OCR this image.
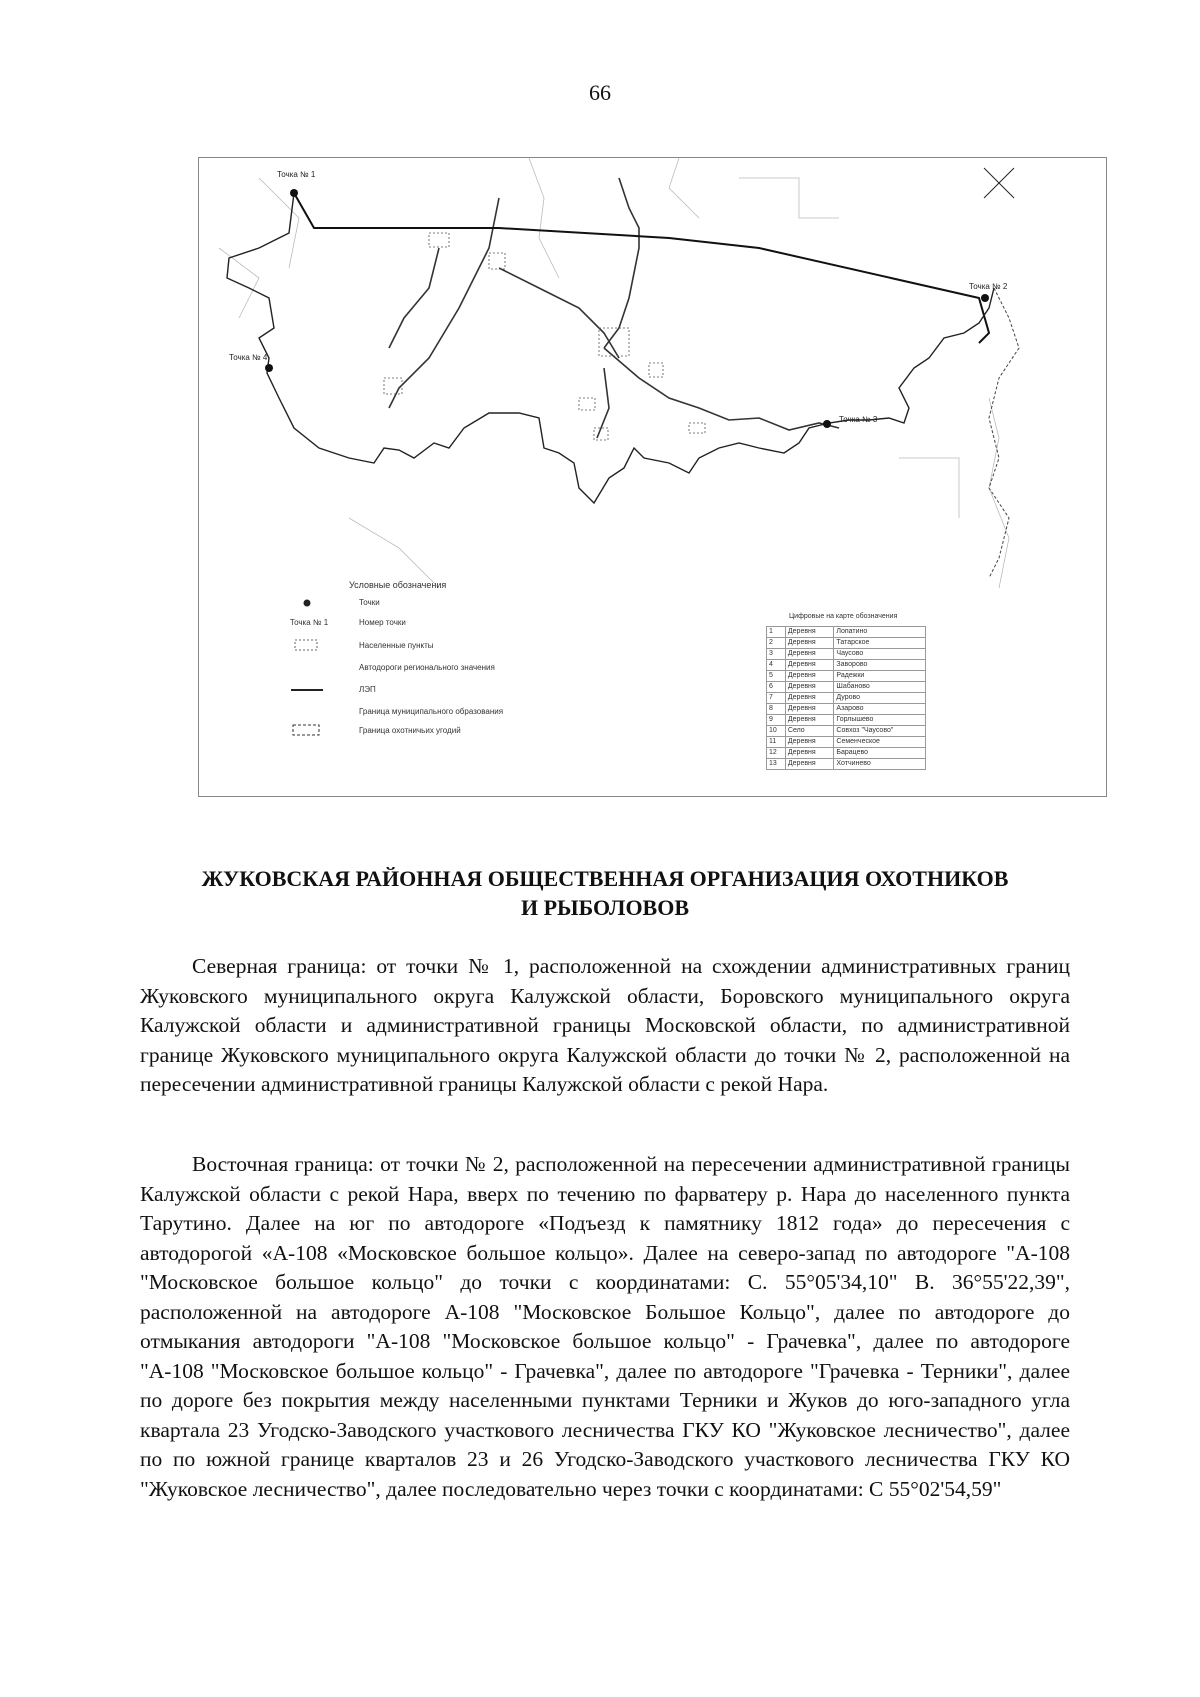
66
Точка № 1
Точка № 2
Точка № 3
Точка № 4
Условные обозначения
Точки
Точка № 1	Номер точки
Населенные пункты
Автодороги регионального значения
ЛЭП
Граница муниципального образования
Граница охотничьих угодий
Цифровые на карте обозначения
1	Деревня	Лопатино
2	Деревня	Татарское
3	Деревня	Чаусово
4	Деревня	Заворово
5	Деревня	Радежки
6	Деревня	Шабаново
7	Деревня	Дурово
8	Деревня	Азарово
9	Деревня	Горлышево
10	Село	Совхоз "Чаусово"
11	Деревня	Семенческое
12	Деревня	Барацево
13	Деревня	Хотчинево
ЖУКОВСКАЯ РАЙОННАЯ ОБЩЕСТВЕННАЯ ОРГАНИЗАЦИЯ ОХОТНИКОВ
И РЫБОЛОВОВ

Северная граница: от точки № 1, расположенной на схождении административных границ Жуковского муниципального округа Калужской области, Боровского муниципального округа Калужской области и административной границы Московской области, по административной границе Жуковского муниципального округа Калужской области до точки № 2, расположенной на пересечении административной границы Калужской области с рекой Нара.

Восточная граница: от точки № 2, расположенной на пересечении административной границы Калужской области с рекой Нара, вверх по течению по фарватеру р. Нара до населенного пункта Тарутино. Далее на юг по автодороге «Подъезд к памятнику 1812 года» до пересечения с автодорогой «А-108 «Московское большое кольцо». Далее на северо-запад по автодороге "А-108 "Московское большое кольцо" до точки с координатами: С. 55°05'34,10" В. 36°55'22,39", расположенной на автодороге А-108 "Московское Большое Кольцо", далее по автодороге до отмыкания автодороги "А-108 "Московское большое кольцо" - Грачевка", далее по автодороге "А-108 "Московское большое кольцо" - Грачевка", далее по автодороге "Грачевка - Терники", далее по дороге без покрытия между населенными пунктами Терники и Жуков до юго-западного угла квартала 23 Угодско-Заводского участкового лесничества ГКУ КО "Жуковское лесничество", далее по по южной границе кварталов 23 и 26 Угодско-Заводского участкового лесничества ГКУ КО "Жуковское лесничество", далее последовательно через точки с координатами: С 55°02'54,59"
